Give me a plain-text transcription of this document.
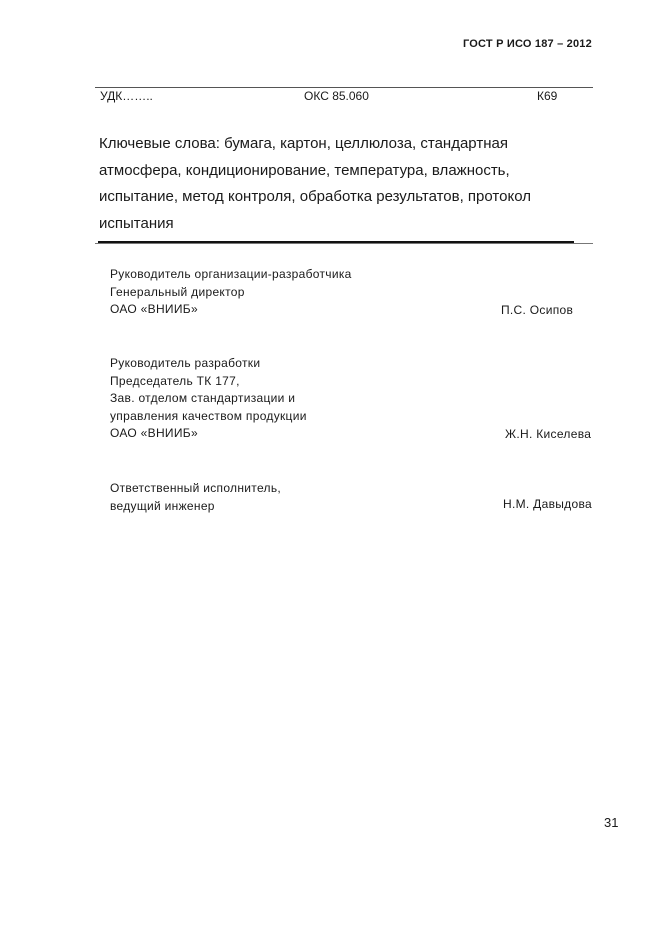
ГОСТ Р ИСО 187 – 2012
УДК……..	ОКС 85.060	К69
Ключевые слова: бумага, картон, целлюлоза, стандартная
атмосфера, кондиционирование, температура, влажность,
испытание, метод контроля, обработка результатов, протокол
испытания
Руководитель организации-разработчика
Генеральный директор
ОАО «ВНИИБ»	П.С. Осипов
Руководитель разработки
Председатель ТК 177,
Зав. отделом стандартизации и
управления качеством продукции
ОАО «ВНИИБ»	Ж.Н. Киселева
Ответственный исполнитель,
ведущий инженер	Н.М. Давыдова
31
